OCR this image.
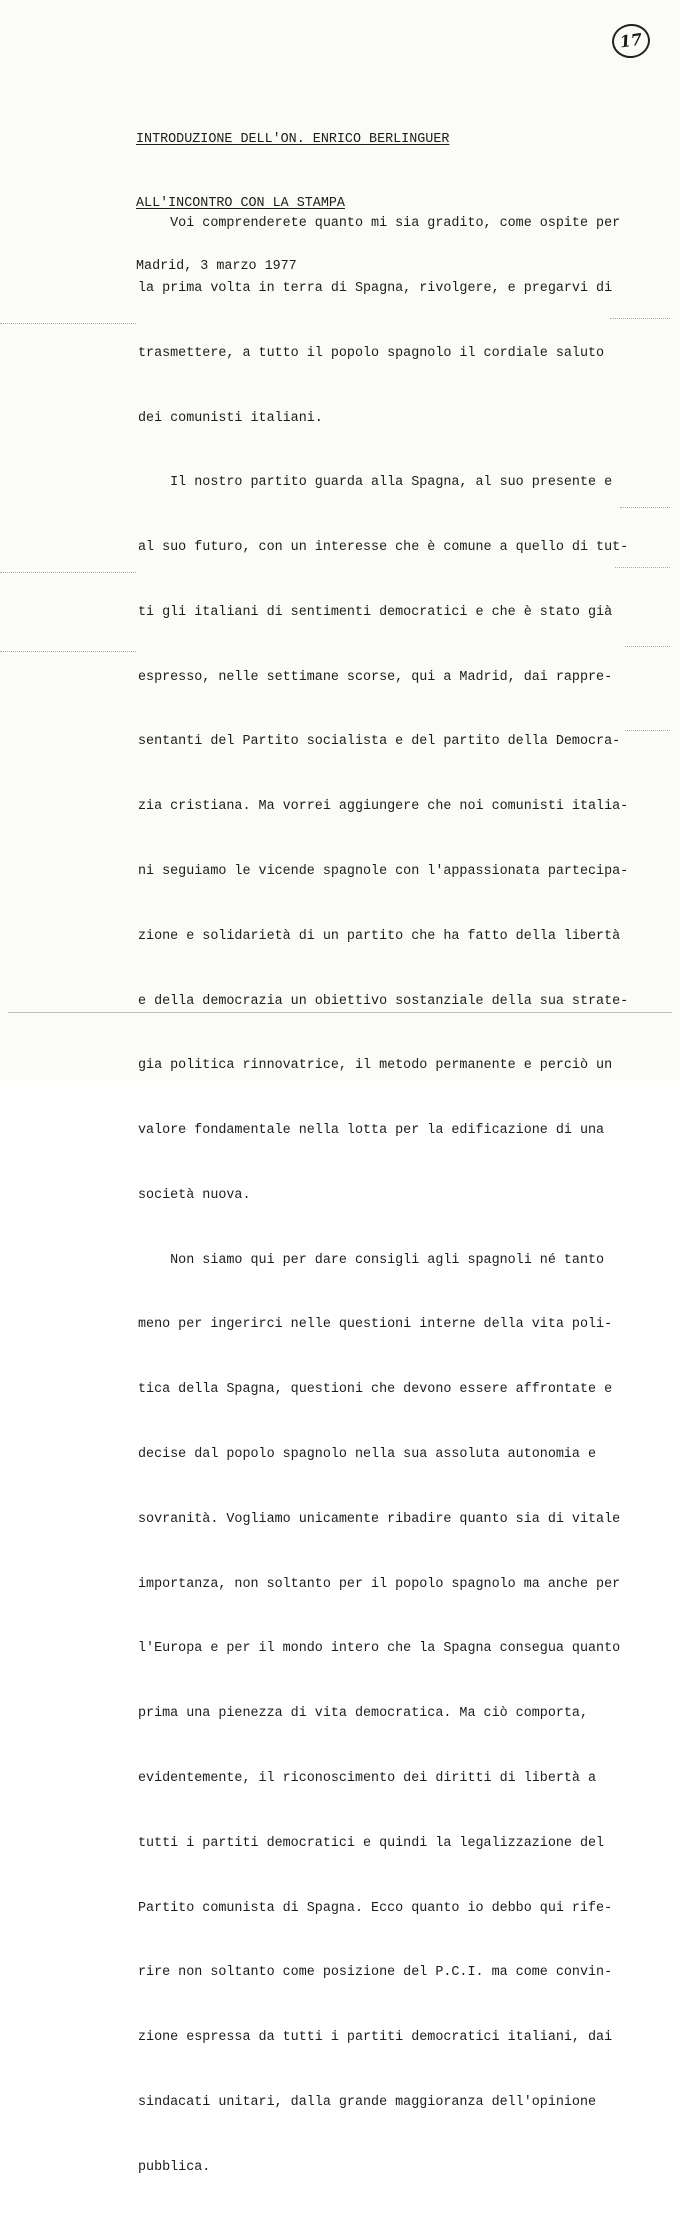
17

INTRODUZIONE DELL'ON. ENRICO BERLINGUER

ALL'INCONTRO CON LA STAMPA

Madrid, 3 marzo 1977

Voi comprenderete quanto mi sia gradito, come ospite per

la prima volta in terra di Spagna, rivolgere, e pregarvi di

trasmettere, a tutto il popolo spagnolo il cordiale saluto

dei comunisti italiani.

Il nostro partito guarda alla Spagna, al suo presente e

al suo futuro, con un interesse che è comune a quello di tut-

ti gli italiani di sentimenti democratici e che è stato già

espresso, nelle settimane scorse, qui a Madrid, dai rappre-

sentanti del Partito socialista e del partito della Democra-

zia cristiana. Ma vorrei aggiungere che noi comunisti italia-

ni seguiamo le vicende spagnole con l'appassionata partecipa-

zione e solidarietà di un partito che ha fatto della libertà

e della democrazia un obiettivo sostanziale della sua strate-

gia politica rinnovatrice, il metodo permanente e perciò un

valore fondamentale nella lotta per la edificazione di una

società nuova.

Non siamo qui per dare consigli agli spagnoli né tanto

meno per ingerirci nelle questioni interne della vita poli-

tica della Spagna, questioni che devono essere affrontate e

decise dal popolo spagnolo nella sua assoluta autonomia e

sovranità. Vogliamo unicamente ribadire quanto sia di vitale

importanza, non soltanto per il popolo spagnolo ma anche per

l'Europa e per il mondo intero che la Spagna consegua quanto

prima una pienezza di vita democratica. Ma ciò comporta,

evidentemente, il riconoscimento dei diritti di libertà a

tutti i partiti democratici e quindi la legalizzazione del

Partito comunista di Spagna. Ecco quanto io debbo qui rife-

rire non soltanto come posizione del P.C.I. ma come convin-

zione espressa da tutti i partiti democratici italiani, dai

sindacati unitari, dalla grande maggioranza dell'opinione

pubblica.
